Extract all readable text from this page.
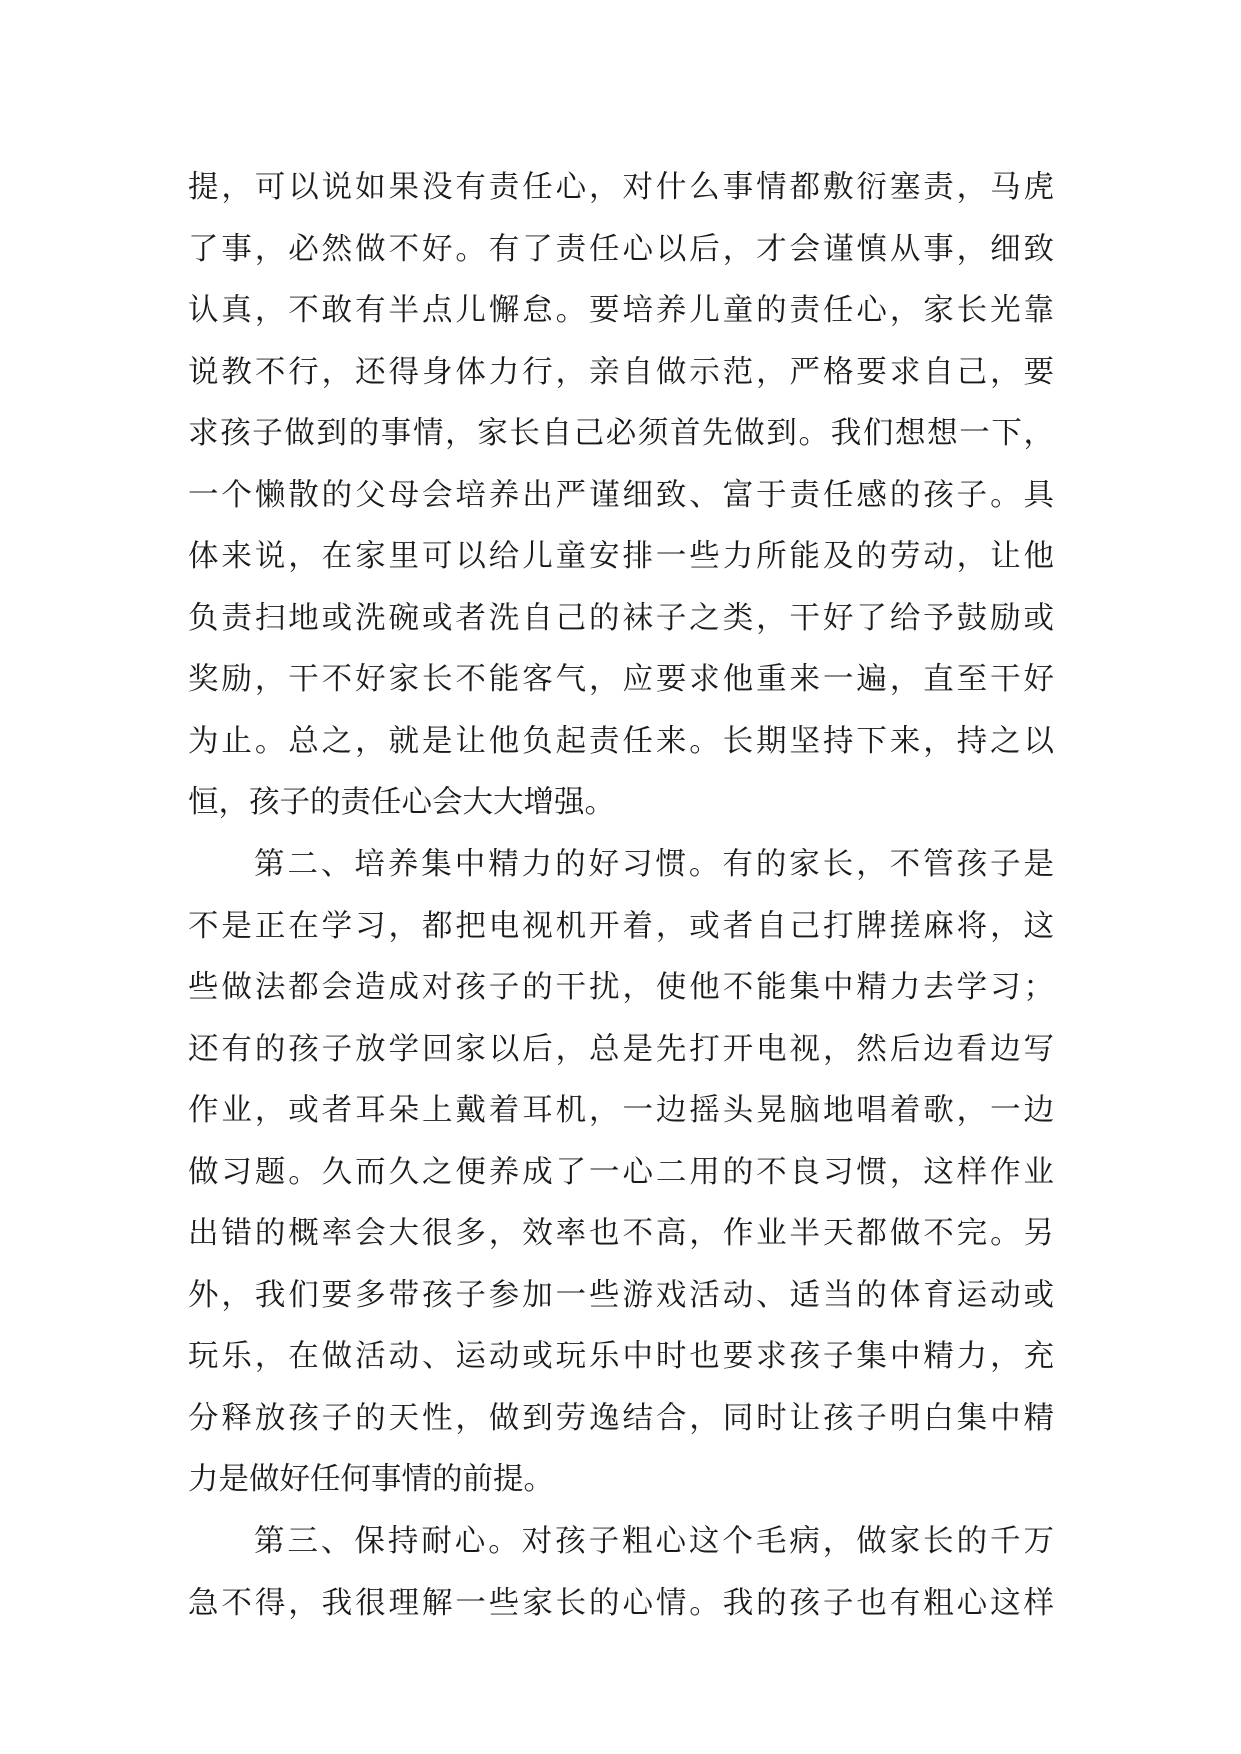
提，可以说如果没有责任心，对什么事情都敷衍塞责，马虎
了事，必然做不好。有了责任心以后，才会谨慎从事，细致
认真，不敢有半点儿懈怠。要培养儿童的责任心，家长光靠
说教不行，还得身体力行，亲自做示范，严格要求自己，要
求孩子做到的事情，家长自己必须首先做到。我们想想一下，
一个懒散的父母会培养出严谨细致、富于责任感的孩子。具
体来说，在家里可以给儿童安排一些力所能及的劳动，让他
负责扫地或洗碗或者洗自己的袜子之类，干好了给予鼓励或
奖励，干不好家长不能客气，应要求他重来一遍，直至干好
为止。总之，就是让他负起责任来。长期坚持下来，持之以
恒，孩子的责任心会大大增强。
第二、培养集中精力的好习惯。有的家长，不管孩子是
不是正在学习，都把电视机开着，或者自己打牌搓麻将，这
些做法都会造成对孩子的干扰，使他不能集中精力去学习；
还有的孩子放学回家以后，总是先打开电视，然后边看边写
作业，或者耳朵上戴着耳机，一边摇头晃脑地唱着歌，一边
做习题。久而久之便养成了一心二用的不良习惯，这样作业
出错的概率会大很多，效率也不高，作业半天都做不完。另
外，我们要多带孩子参加一些游戏活动、适当的体育运动或
玩乐，在做活动、运动或玩乐中时也要求孩子集中精力，充
分释放孩子的天性，做到劳逸结合，同时让孩子明白集中精
力是做好任何事情的前提。
第三、保持耐心。对孩子粗心这个毛病，做家长的千万
急不得，我很理解一些家长的心情。我的孩子也有粗心这样
